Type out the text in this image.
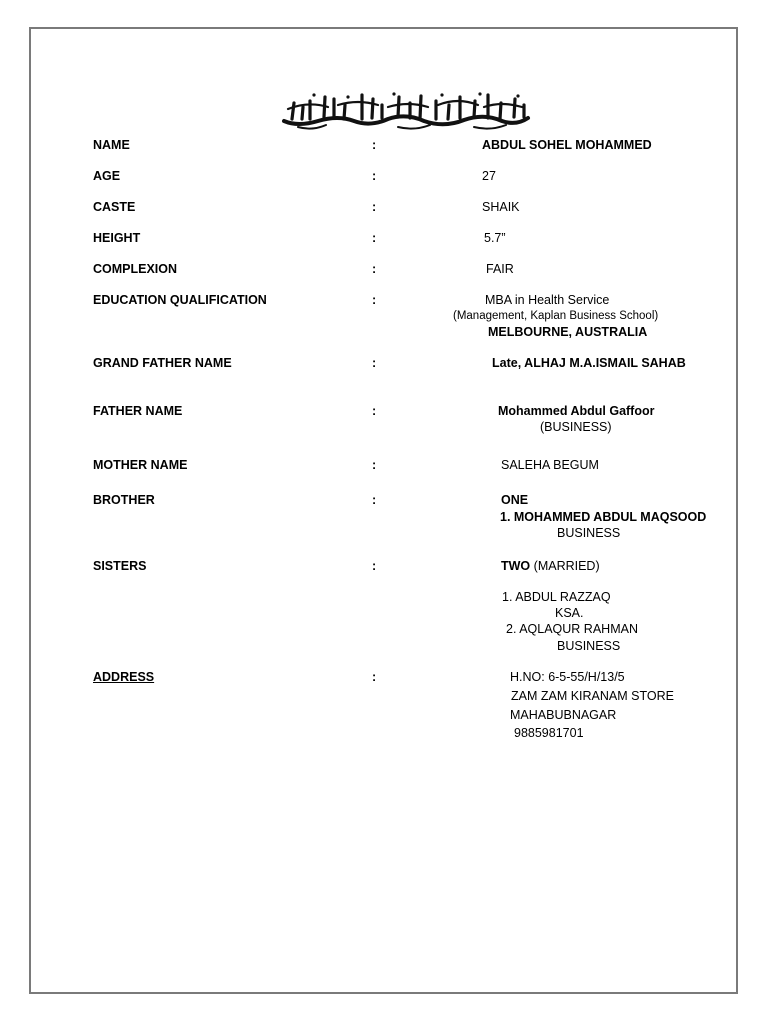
NAME	:	ABDUL SOHEL MOHAMMED
AGE	:	27
CASTE	:	SHAIK
HEIGHT	:	5.7”
COMPLEXION	:	FAIR
EDUCATION QUALIFICATION	:	MBA in Health Service
(Management, Kaplan Business School)
MELBOURNE, AUSTRALIA
GRAND FATHER NAME	:	Late, ALHAJ M.A.ISMAIL SAHAB
FATHER NAME	:	Mohammed Abdul Gaffoor
(BUSINESS)
MOTHER NAME	:	SALEHA BEGUM
BROTHER	:	ONE
1. MOHAMMED ABDUL MAQSOOD
BUSINESS
SISTERS	:	TWO (MARRIED)
1. ABDUL RAZZAQ
KSA.
2. AQLAQUR RAHMAN
BUSINESS
ADDRESS	:	H.NO: 6-5-55/H/13/5
ZAM ZAM KIRANAM STORE
MAHABUBNAGAR
9885981701
